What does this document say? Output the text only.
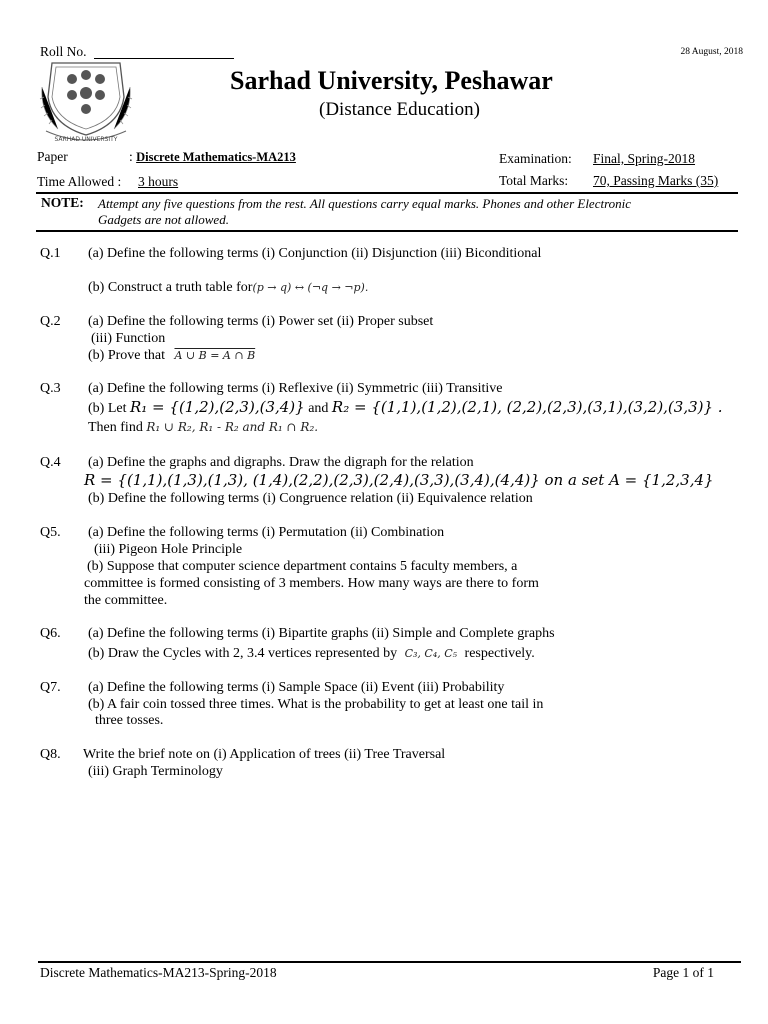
Roll No.	28 August, 2018
SARHAD UNIVERSITY
Sarhad University, Peshawar
(Distance Education)
Paper	: Discrete Mathematics-MA213	Examination: Final, Spring-2018
Time Allowed : 3 hours	Total Marks: 70, Passing Marks (35)
NOTE: Attempt any five questions from the rest. All questions carry equal marks. Phones and other Electronic
Gadgets are not allowed.
Q.1 (a) Define the following terms (i) Conjunction (ii) Disjunction (iii) Biconditional
(b) Construct a truth table for(p → q) ↔ (¬q → ¬p).
Q.2 (a) Define the following terms (i) Power set (ii) Proper subset
(iii) Function
(b) Prove that A ∪ B = A ∩ B
Q.3 (a) Define the following terms (i) Reflexive (ii) Symmetric (iii) Transitive
(b) Let R₁ = {(1,2),(2,3),(3,4)} and R₂ = {(1,1),(1,2),(2,1), (2,2),(2,3),(3,1),(3,2),(3,3)} .
Then find R₁ ∪ R₂, R₁ - R₂ and R₁ ∩ R₂.
Q.4 (a) Define the graphs and digraphs. Draw the digraph for the relation
R = {(1,1),(1,3),(1,3), (1,4),(2,2),(2,3),(2,4),(3,3),(3,4),(4,4)} on a set A = {1,2,3,4}
(b) Define the following terms (i) Congruence relation (ii) Equivalence relation
Q5. (a) Define the following terms (i) Permutation (ii) Combination
(iii) Pigeon Hole Principle
(b) Suppose that computer science department contains 5 faculty members, a
committee is formed consisting of 3 members. How many ways are there to form
the committee.
Q6. (a) Define the following terms (i) Bipartite graphs (ii) Simple and Complete graphs
(b) Draw the Cycles with 2, 3.4 vertices represented by C₃, C₄, C₅ respectively.
Q7. (a) Define the following terms (i) Sample Space (ii) Event (iii) Probability
(b) A fair coin tossed three times. What is the probability to get at least one tail in
three tosses.
Q8. Write the brief note on (i) Application of trees (ii) Tree Traversal
(iii) Graph Terminology
Discrete Mathematics-MA213-Spring-2018	Page 1 of 1
